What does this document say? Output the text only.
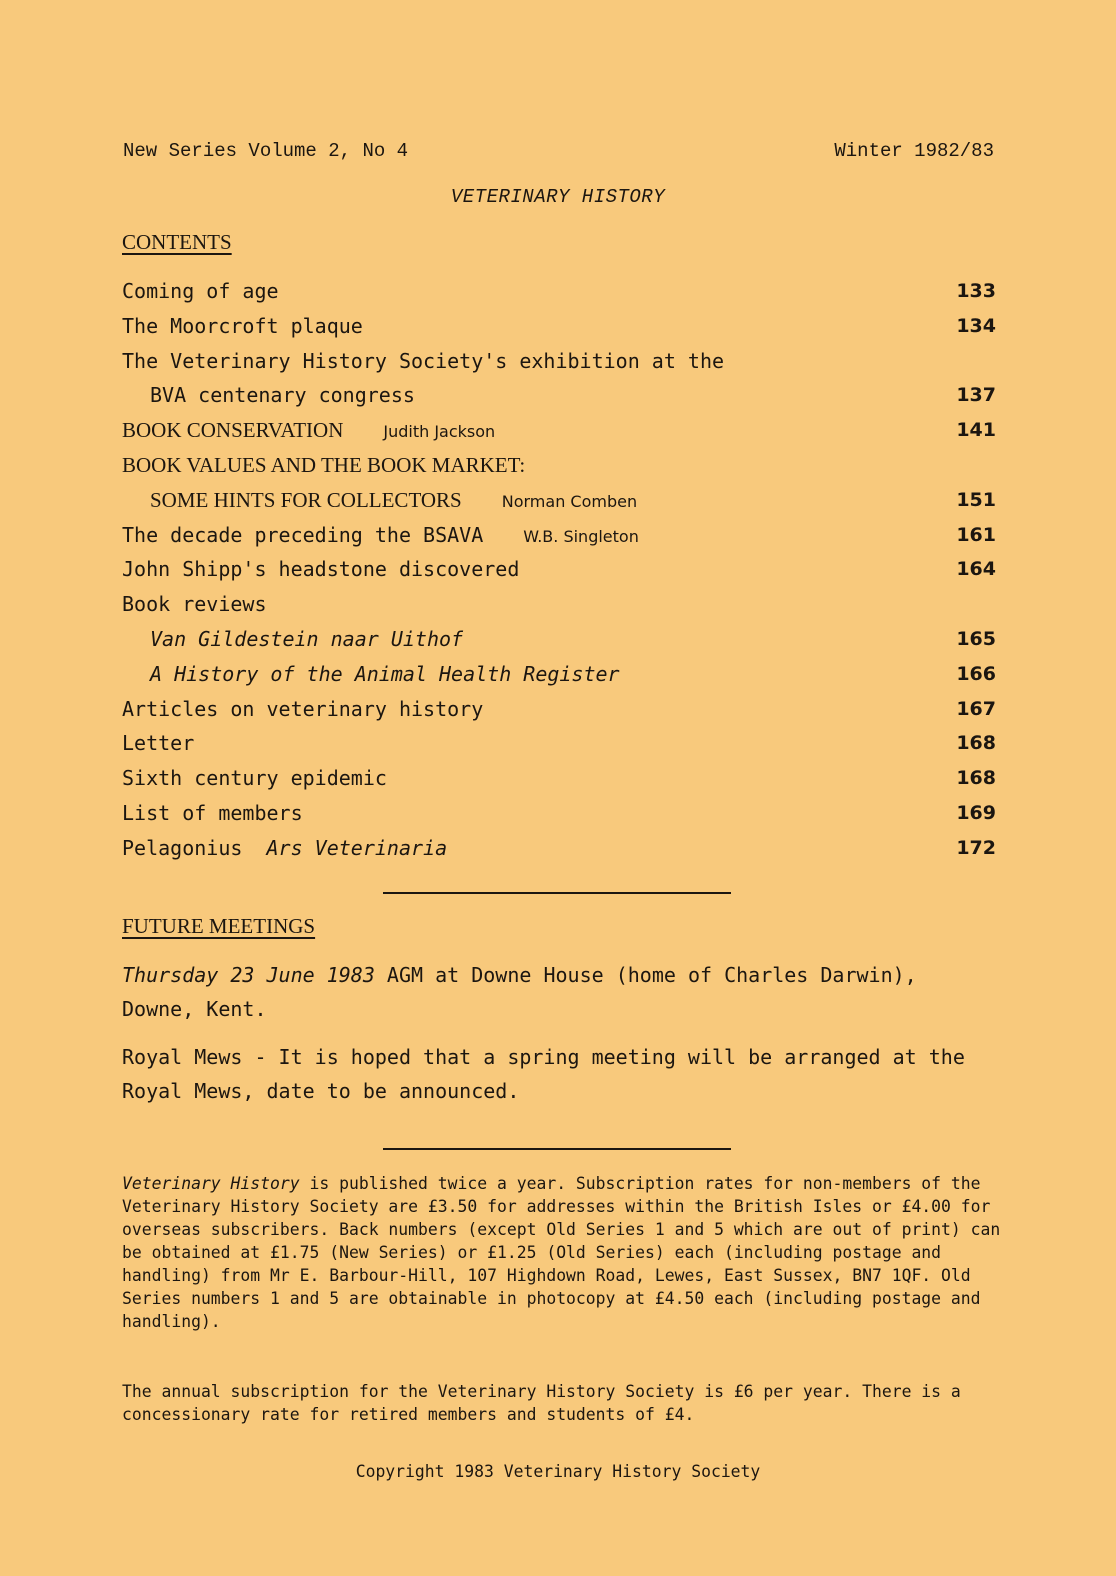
New Series Volume 2, No 4	Winter 1982/83
VETERINARY HISTORY
CONTENTS
Coming of age	133
The Moorcroft plaque	134
The Veterinary History Society's exhibition at the
BVA centenary congress	137
BOOK CONSERVATION	Judith Jackson	141
BOOK VALUES AND THE BOOK MARKET:
SOME HINTS FOR COLLECTORS	Norman Comben	151
The decade preceding the BSAVA	W.B. Singleton	161
John Shipp's headstone discovered	164
Book reviews
Van Gildestein naar Uithof	165
A History of the Animal Health Register	166
Articles on veterinary history	167
Letter	168
Sixth century epidemic	168
List of members	169
Pelagonius Ars Veterinaria	172
FUTURE MEETINGS
Thursday 23 June 1983 AGM at Downe House (home of Charles Darwin), Downe, Kent.
Royal Mews - It is hoped that a spring meeting will be arranged at the Royal Mews, date to be announced.
Veterinary History is published twice a year. Subscription rates for non-members of the Veterinary History Society are £3.50 for addresses within the British Isles or £4.00 for overseas subscribers. Back numbers (except Old Series 1 and 5 which are out of print) can be obtained at £1.75 (New Series) or £1.25 (Old Series) each (including postage and handling) from Mr E. Barbour-Hill, 107 Highdown Road, Lewes, East Sussex, BN7 1QF. Old Series numbers 1 and 5 are obtainable in photocopy at £4.50 each (including postage and handling).
The annual subscription for the Veterinary History Society is £6 per year. There is a concessionary rate for retired members and students of £4.
Copyright 1983 Veterinary History Society
